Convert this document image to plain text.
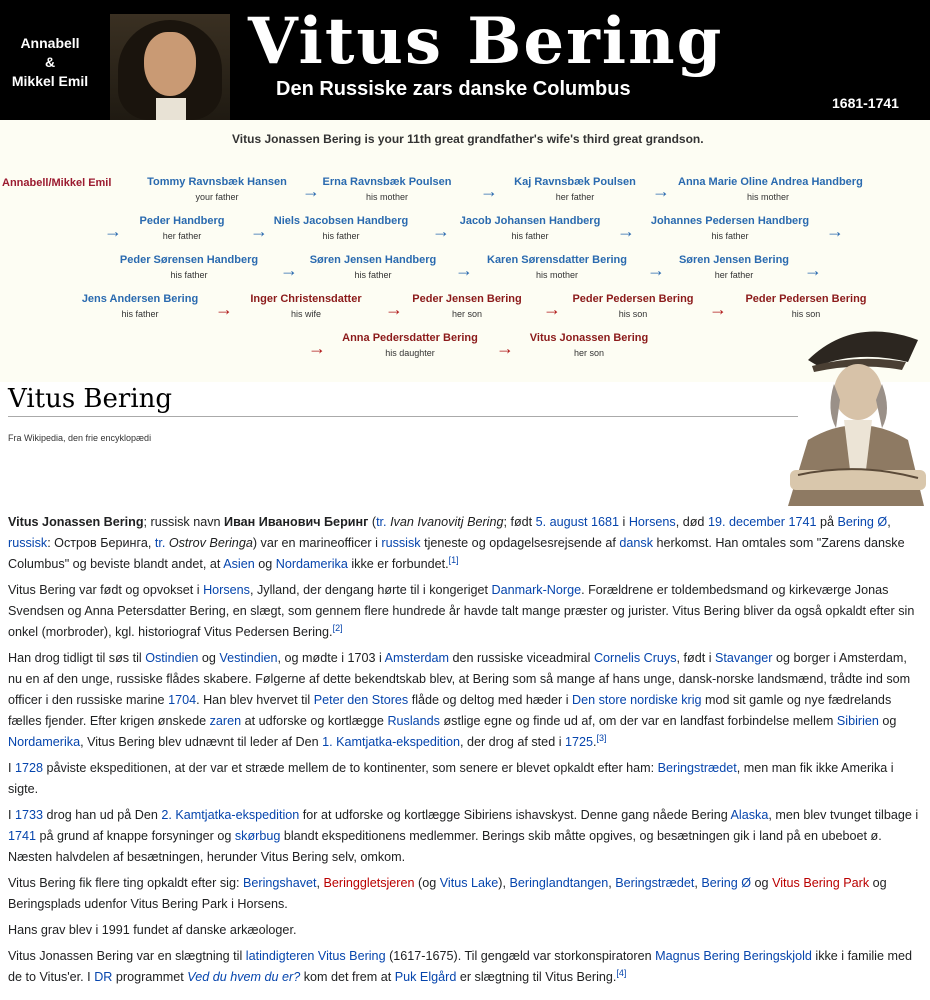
Annabell
&
Mikkel Emil
Vitus Bering
Den Russiske zars danske Columbus
1681-1741
Vitus Jonassen Bering is your 11th great grandfather's wife's third great grandson.
Annabell/Mikkel Emil	Tommy Ravnsbæk Hansen
your father	→ Erna Ravnsbæk Poulsen
his mother	→	Kaj Ravnsbæk Poulsen
her father	→ Anna Marie Oline Andrea Handberg
his mother
→	Peder Handberg
her father	→ Niels Jacobsen Handberg
his father	→ Jacob Johansen Handberg
his father	→	Johannes Pedersen Handberg
his father	→
Peder Sørensen Handberg
his father	→	Søren Jensen Handberg
his father	→	Karen Sørensdatter Bering
his mother	→	Søren Jensen Bering
her father	→
Jens Andersen Bering
his father	→	Inger Christensdatter
his wife	→ Peder Jensen Bering
her son	→	Peder Pedersen Bering
his son	→	Peder Pedersen Bering
his son
→	Anna Pedersdatter Bering
his daughter	→	Vitus Jonassen Bering
her son
Vitus Bering
Fra Wikipedia, den frie encyklopædi

Vitus Jonassen Bering; russisk navn Иван Иванович Беринг (tr. Ivan Ivanovitj Bering; født 5. august 1681 i Horsens, død 19. december 1741 på Bering Ø, russisk: Остров Беринга, tr. Ostrov Beringa) var en marineofficer i russisk tjeneste og opdagelsesrejsende af dansk herkomst. Han omtales som "Zarens danske Columbus" og beviste blandt andet, at Asien og Nordamerika ikke er forbundet.[1]

Vitus Bering var født og opvokset i Horsens, Jylland, der dengang hørte til i kongeriget Danmark-Norge. Forældrene er toldembedsmand og kirkeværge Jonas Svendsen og Anna Petersdatter Bering, en slægt, som gennem flere hundrede år havde talt mange præster og jurister. Vitus Bering bliver da også opkaldt efter sin onkel (morbroder), kgl. historiograf Vitus Pedersen Bering.[2]

Han drog tidligt til søs til Ostindien og Vestindien, og mødte i 1703 i Amsterdam den russiske viceadmiral Cornelis Cruys, født i Stavanger og borger i Amsterdam, nu en af den unge, russiske flådes skabere. Følgerne af dette bekendtskab blev, at Bering som så mange af hans unge, dansk-norske landsmænd, trådte ind som officer i den russiske marine 1704. Han blev hvervet til Peter den Stores flåde og deltog med hæder i Den store nordiske krig mod sit gamle og nye fædrelands fælles fjender. Efter krigen ønskede zaren at udforske og kortlægge Ruslands østlige egne og finde ud af, om der var en landfast forbindelse mellem Sibirien og Nordamerika, Vitus Bering blev udnævnt til leder af Den 1. Kamtjatka-ekspedition, der drog af sted i 1725.[3]

I 1728 påviste ekspeditionen, at der var et stræde mellem de to kontinenter, som senere er blevet opkaldt efter ham: Beringstrædet, men man fik ikke Amerika i sigte.

I 1733 drog han ud på Den 2. Kamtjatka-ekspedition for at udforske og kortlægge Sibiriens ishavskyst. Denne gang nåede Bering Alaska, men blev tvunget tilbage i 1741 på grund af knappe forsyninger og skørbug blandt ekspeditionens medlemmer. Berings skib måtte opgives, og besætningen gik i land på en ubeboet ø. Næsten halvdelen af besætningen, herunder Vitus Bering selv, omkom.

Vitus Bering fik flere ting opkaldt efter sig: Beringshavet, Beringgletsjeren (og Vitus Lake), Beringlandtangen, Beringstrædet, Bering Ø og Vitus Bering Park og Beringsplads udenfor Vitus Bering Park i Horsens.

Hans grav blev i 1991 fundet af danske arkæologer.

Vitus Jonassen Bering var en slægtning til latindigteren Vitus Bering (1617-1675). Til gengæld var storkonspiratoren Magnus Bering Beringskjold ikke i familie med de to Vitus'er. I DR programmet Ved du hvem du er? kom det frem at Puk Elgård er slægtning til Vitus Bering.[4]
